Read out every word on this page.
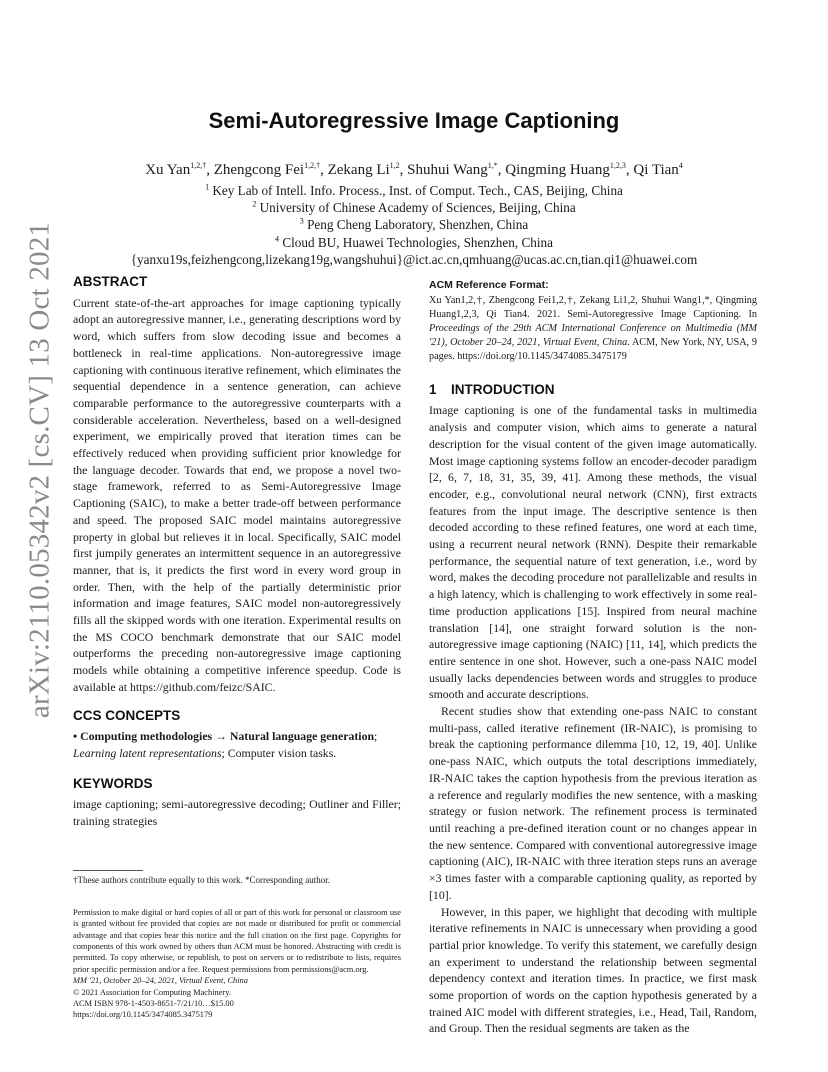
arXiv:2110.05342v2 [cs.CV] 13 Oct 2021
Semi-Autoregressive Image Captioning
Xu Yan$^{1,2,\dagger}$, Zhengcong Fei$^{1,2,\dagger}$, Zekang Li$^{1,2}$, Shuhui Wang$^{1,*}$, Qingming Huang$^{1,2,3}$, Qi Tian$^4$
$^1$ Key Lab of Intell. Info. Process., Inst. of Comput. Tech., CAS, Beijing, China
$^2$ University of Chinese Academy of Sciences, Beijing, China
$^3$ Peng Cheng Laboratory, Shenzhen, China
$^4$ Cloud BU, Huawei Technologies, Shenzhen, China
{yanxu19s,feizhengcong,lizekang19g,wangshuhui}@ict.ac.cn,qmhuang@ucas.ac.cn,tian.qi1@huawei.com
ABSTRACT

Current state-of-the-art approaches for image captioning typically adopt an autoregressive manner, i.e., generating descriptions word by word, which suffers from slow decoding issue and becomes a bottleneck in real-time applications. Non-autoregressive image captioning with continuous iterative refinement, which eliminates the sequential dependence in a sentence generation, can achieve comparable performance to the autoregressive counterparts with a considerable acceleration. Nevertheless, based on a well-designed experiment, we empirically proved that iteration times can be effectively reduced when providing sufficient prior knowledge for the language decoder. Towards that end, we propose a novel two-stage framework, referred to as Semi-Autoregressive Image Captioning (SAIC), to make a better trade-off between performance and speed. The proposed SAIC model maintains autoregressive property in global but relieves it in local. Specifically, SAIC model first jumpily generates an intermittent sequence in an autoregressive manner, that is, it predicts the first word in every word group in order. Then, with the help of the partially deterministic prior information and image features, SAIC model non-autoregressively fills all the skipped words with one iteration. Experimental results on the MS COCO benchmark demonstrate that our SAIC model outperforms the preceding non-autoregressive image captioning models while obtaining a competitive inference speedup. Code is available at https://github.com/feizc/SAIC.

CCS CONCEPTS

• Computing methodologies → Natural language generation; Learning latent representations; Computer vision tasks.

KEYWORDS

image captioning; semi-autoregressive decoding; Outliner and Filler; training strategies

†These authors contribute equally to this work. *Corresponding author.

Permission to make digital or hard copies of all or part of this work for personal or classroom use is granted without fee provided that copies are not made or distributed for profit or commercial advantage and that copies bear this notice and the full citation on the first page. Copyrights for components of this work owned by others than ACM must be honored. Abstracting with credit is permitted. To copy otherwise, or republish, to post on servers or to redistribute to lists, requires prior specific permission and/or a fee. Request permissions from permissions@acm.org.

MM '21, October 20–24, 2021, Virtual Event, China

© 2021 Association for Computing Machinery.

ACM ISBN 978-1-4503-8651-7/21/10…$15.00

https://doi.org/10.1145/3474085.3475179

ACM Reference Format:

Xu Yan1,2,†, Zhengcong Fei1,2,†, Zekang Li1,2, Shuhui Wang1,*, Qingming Huang1,2,3, Qi Tian4. 2021. Semi-Autoregressive Image Captioning. In Proceedings of the 29th ACM International Conference on Multimedia (MM '21), October 20–24, 2021, Virtual Event, China. ACM, New York, NY, USA, 9 pages. https://doi.org/10.1145/3474085.3475179

1 INTRODUCTION

Image captioning is one of the fundamental tasks in multimedia analysis and computer vision, which aims to generate a natural description for the visual content of the given image automatically. Most image captioning systems follow an encoder-decoder paradigm [2, 6, 7, 18, 31, 35, 39, 41]. Among these methods, the visual encoder, e.g., convolutional neural network (CNN), first extracts features from the input image. The descriptive sentence is then decoded according to these refined features, one word at each time, using a recurrent neural network (RNN). Despite their remarkable performance, the sequential nature of text generation, i.e., word by word, makes the decoding procedure not parallelizable and results in a high latency, which is challenging to work effectively in some real-time production applications [15]. Inspired from neural machine translation [14], one straight forward solution is the non-autoregressive image captioning (NAIC) [11, 14], which predicts the entire sentence in one shot. However, such a one-pass NAIC model usually lacks dependencies between words and struggles to produce smooth and accurate descriptions.

Recent studies show that extending one-pass NAIC to constant multi-pass, called iterative refinement (IR-NAIC), is promising to break the captioning performance dilemma [10, 12, 19, 40]. Unlike one-pass NAIC, which outputs the total descriptions immediately, IR-NAIC takes the caption hypothesis from the previous iteration as a reference and regularly modifies the new sentence, with a masking strategy or fusion network. The refinement process is terminated until reaching a pre-defined iteration count or no changes appear in the new sentence. Compared with conventional autoregressive image captioning (AIC), IR-NAIC with three iteration steps runs an average ×3 times faster with a comparable captioning quality, as reported by [10].

However, in this paper, we highlight that decoding with multiple iterative refinements in NAIC is unnecessary when providing a good partial prior knowledge. To verify this statement, we carefully design an experiment to understand the relationship between segmental dependency context and iteration times. In practice, we first mask some proportion of words on the caption hypothesis generated by a trained AIC model with different strategies, i.e., Head, Tail, Random, and Group. Then the residual segments are taken as the
